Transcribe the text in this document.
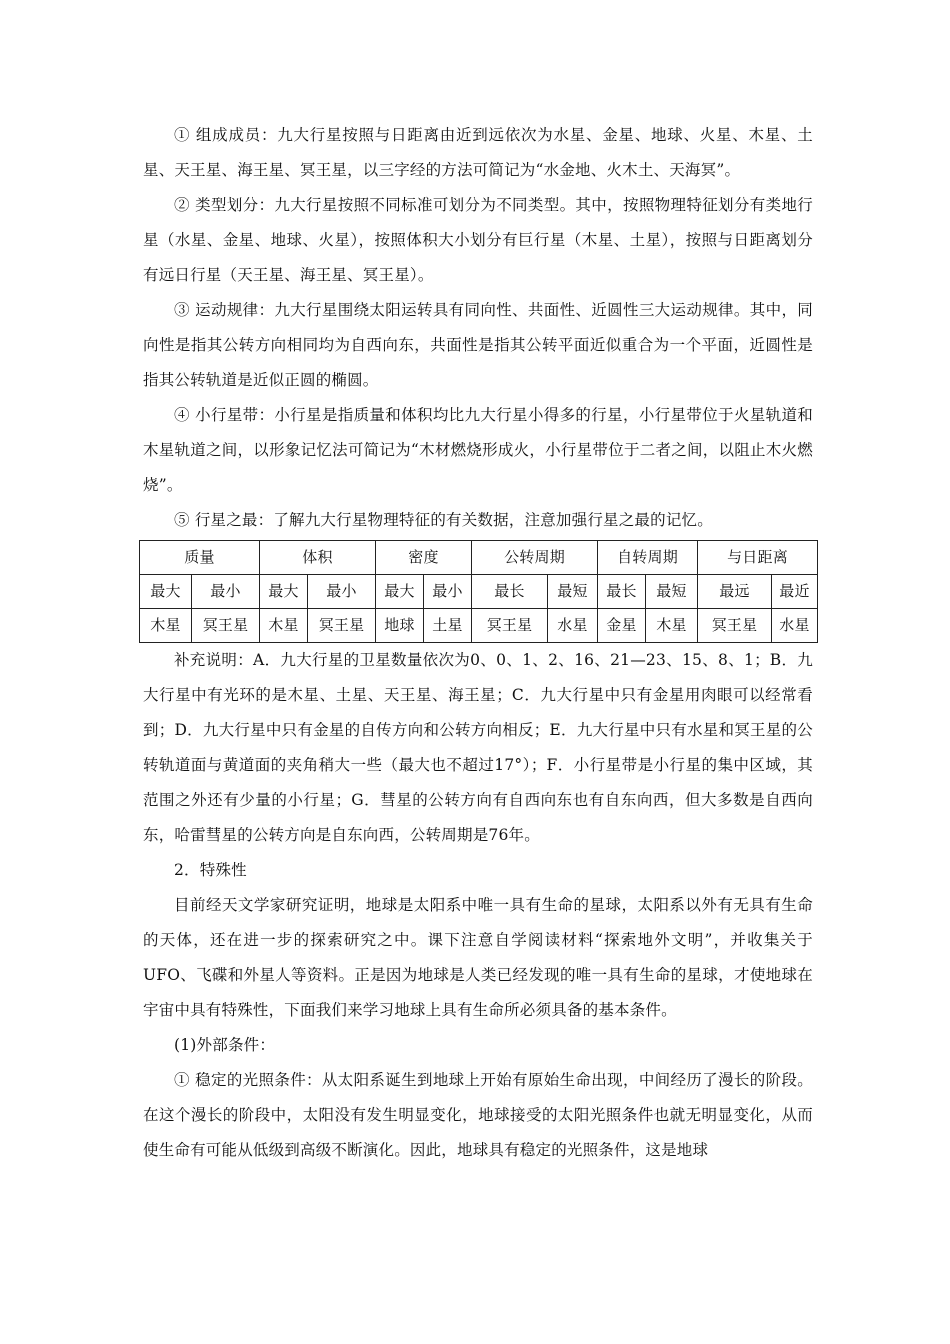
① 组成成员：九大行星按照与日距离由近到远依次为水星、金星、地球、火星、木星、土星、天王星、海王星、冥王星，以三字经的方法可简记为“水金地、火木土、天海冥”。

② 类型划分：九大行星按照不同标准可划分为不同类型。其中，按照物理特征划分有类地行星（水星、金星、地球、火星），按照体积大小划分有巨行星（木星、土星），按照与日距离划分有远日行星（天王星、海王星、冥王星）。

③ 运动规律：九大行星围绕太阳运转具有同向性、共面性、近圆性三大运动规律。其中，同向性是指其公转方向相同均为自西向东，共面性是指其公转平面近似重合为一个平面，近圆性是指其公转轨道是近似正圆的椭圆。

④ 小行星带：小行星是指质量和体积均比九大行星小得多的行星，小行星带位于火星轨道和木星轨道之间，以形象记忆法可简记为“木材燃烧形成火，小行星带位于二者之间，以阻止木火燃烧”。

⑤ 行星之最：了解九大行星物理特征的有关数据，注意加强行星之最的记忆。

质量		体积		密度		公转周期		自转周期		与日距离	
最大	最小	最大	最小	最大	最小	最长	最短	最长	最短	最远	最近
木星	冥王星	木星	冥王星	地球	土星	冥王星	水星	金星	木星	冥王星	水星

补充说明：A．九大行星的卫星数量依次为0、0、1、2、16、21—23、15、8、1；B．九大行星中有光环的是木星、土星、天王星、海王星；C．九大行星中只有金星用肉眼可以经常看到；D．九大行星中只有金星的自传方向和公转方向相反；E．九大行星中只有水星和冥王星的公转轨道面与黄道面的夹角稍大一些（最大也不超过17°）；F．小行星带是小行星的集中区域，其范围之外还有少量的小行星；G．彗星的公转方向有自西向东也有自东向西，但大多数是自西向东，哈雷彗星的公转方向是自东向西，公转周期是76年。

2．特殊性

目前经天文学家研究证明，地球是太阳系中唯一具有生命的星球，太阳系以外有无具有生命的天体，还在进一步的探索研究之中。课下注意自学阅读材料“探索地外文明”，并收集关于UFO、飞碟和外星人等资料。正是因为地球是人类已经发现的唯一具有生命的星球，才使地球在宇宙中具有特殊性，下面我们来学习地球上具有生命所必须具备的基本条件。

(1)外部条件：

① 稳定的光照条件：从太阳系诞生到地球上开始有原始生命出现，中间经历了漫长的阶段。在这个漫长的阶段中，太阳没有发生明显变化，地球接受的太阳光照条件也就无明显变化，从而使生命有可能从低级到高级不断演化。因此，地球具有稳定的光照条件，这是地球
